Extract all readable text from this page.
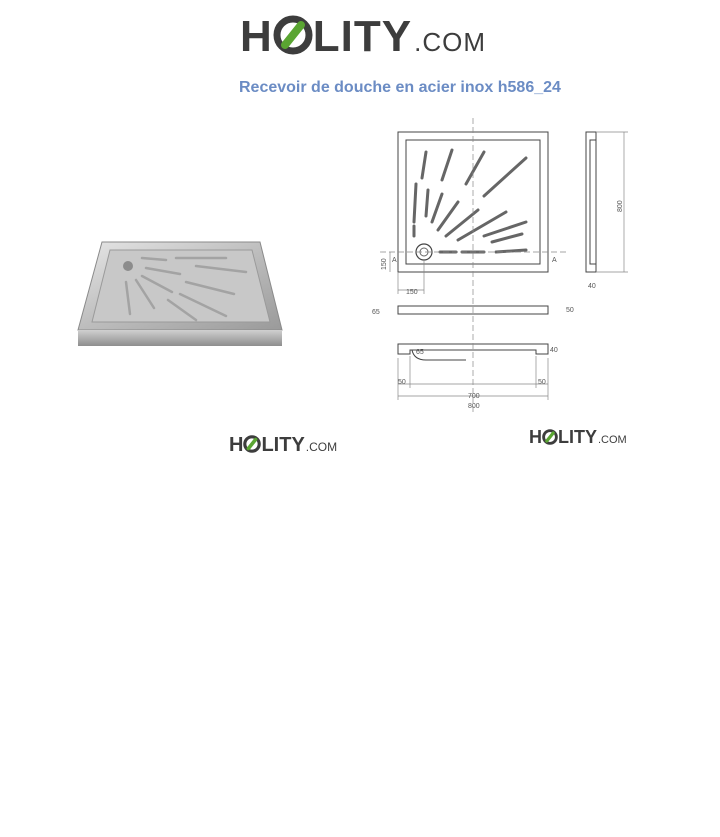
H LITY .COM
Recevoir de douche en acier inox h586_24
700
800
50	50
800
40
40
65	50
65
150
150 A	A
H LITY .COM	H LITY .COM
